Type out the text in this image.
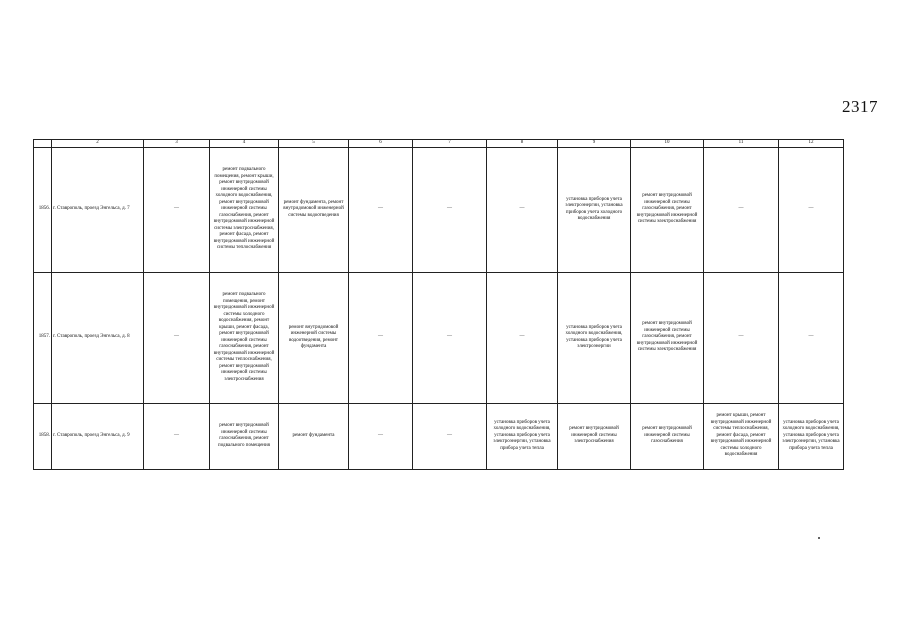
2317
	2	3	4	5	6	7	8	9	10	11	12
1856.	г. Ставрополь, проезд Энгельса, д. 7	—	ремонт подвального помещения, ремонт крыши, ремонт внутридомовой инженерной системы холодного водоснабжения, ремонт внутридомовой инженерной системы газоснабжения, ремонт внутридомовой инженерной системы электроснабжения, ремонт фасада, ремонт внутридомовой инженерной системы теплоснабжения	ремонт фундамента, ремонт внутридомовой инженерной системы водоотведения	—	—	—	установка приборов учета электроэнергии, установка приборов учета холодного водоснабжения	ремонт внутридомовой инженерной системы газоснабжения, ремонт внутридомовой инженерной системы электроснабжения	—	—
1857.	г. Ставрополь, проезд Энгельса, д. 8	—	ремонт подвального помещения, ремонт внутридомовой инженерной системы холодного водоснабжения, ремонт крыши, ремонт фасада, ремонт внутридомовой инженерной системы газоснабжения, ремонт внутридомовой инженерной системы теплоснабжения, ремонт внутридомовой инженерной системы электроснабжения	ремонт внутридомовой инженерной системы водоотведения, ремонт фундамента	—	—	—	установка приборов учета холодного водоснабжения, установка приборов учета электроэнергии	ремонт внутридомовой инженерной системы газоснабжения, ремонт внутридомовой инженерной системы электроснабжения	—	—
1858.	г. Ставрополь, проезд Энгельса, д. 9	—	ремонт внутридомовой инженерной системы газоснабжения, ремонт подвального помещения	ремонт фундамента	—	—	установка приборов учета холодного водоснабжения, установка приборов учета электроэнергии, установка прибора учета тепла	ремонт внутридомовой инженерной системы электроснабжения	ремонт внутридомовой инженерной системы газоснабжения	ремонт крыши, ремонт внутридомовой инженерной системы теплоснабжения, ремонт фасада, ремонт внутридомовой инженерной системы холодного водоснабжения	установка приборов учета холодного водоснабжения, установка приборов учета электроэнергии, установка прибора учета тепла
